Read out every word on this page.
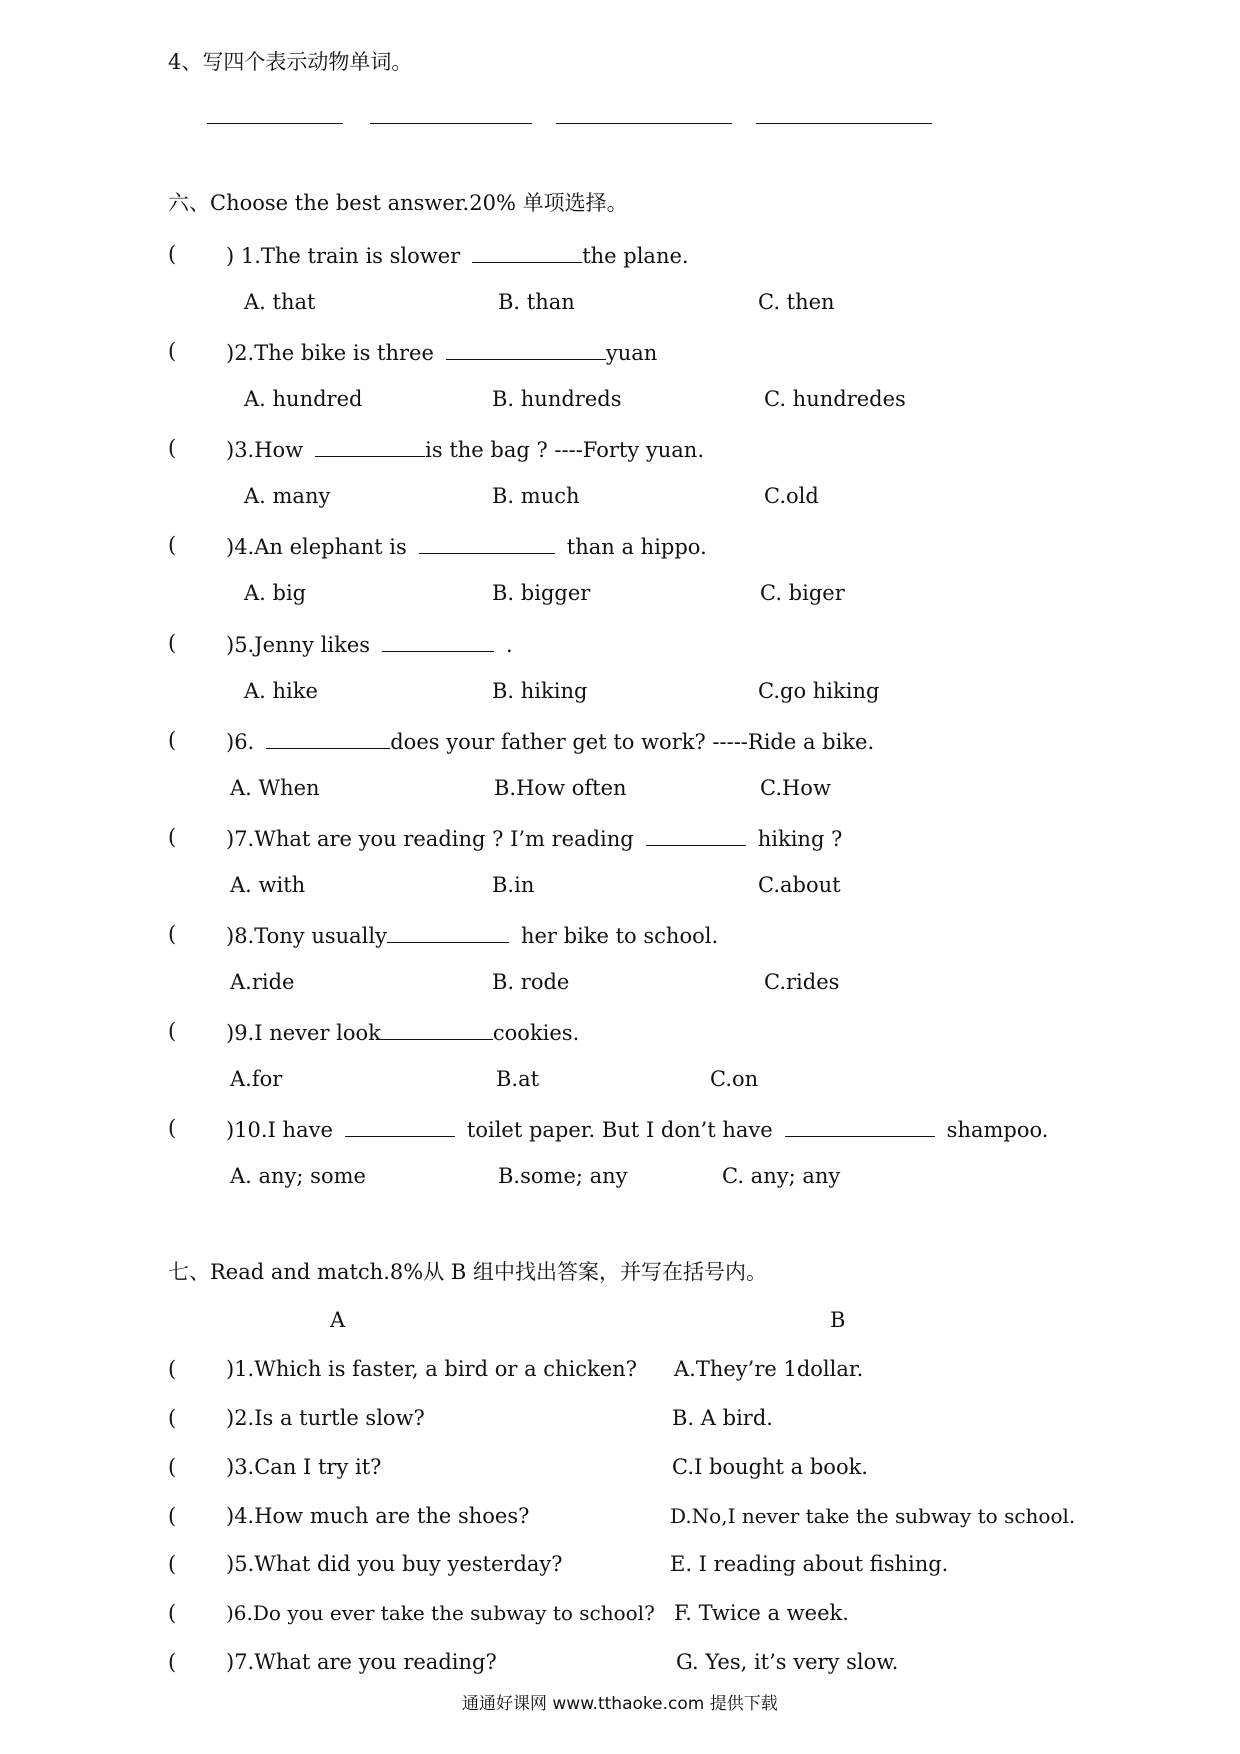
4、写四个表示动物单词。
六、Choose the best answer.20% 单项选择。
( ) 1.The train is slower	the plane.
A. that	B. than	C. then
( )2.The bike is three	yuan
A. hundred	B. hundreds	C. hundredes
( )3.How	is the bag ? ----Forty yuan.
A. many	B. much	C.old
( )4.An elephant is	than a hippo.
A. big	B. bigger	C. biger
( )5.Jenny likes	.
A. hike	B. hiking	C.go hiking
( )6.	does your father get to work? -----Ride a bike.
A. When	B.How often	C.How
( )7.What are you reading ? I’m reading	hiking ?
A. with	B.in	C.about
( )8.Tony usually	her bike to school.
A.ride	B. rode	C.rides
( )9.I never look	cookies.
A.for	B.at	C.on
( )10.I have	toilet paper. But I don’t have	shampoo.
A. any; some	B.some; any	C. any; any
七、Read and match.8%从 B 组中找出答案，并写在括号内。
A	B
( )1.Which is faster, a bird or a chicken? A.They’re 1dollar.
( )2.Is a turtle slow?	B. A bird.
( )3.Can I try it?	C.I bought a book.
( )4.How much are the shoes?	D.No,I never take the subway to school.
( )5.What did you buy yesterday?	E. I reading about fishing.
( )6.Do you ever take the subway to school? F. Twice a week.
( )7.What are you reading?	G. Yes, it’s very slow.
通通好课网 www.tthaoke.com 提供下载
